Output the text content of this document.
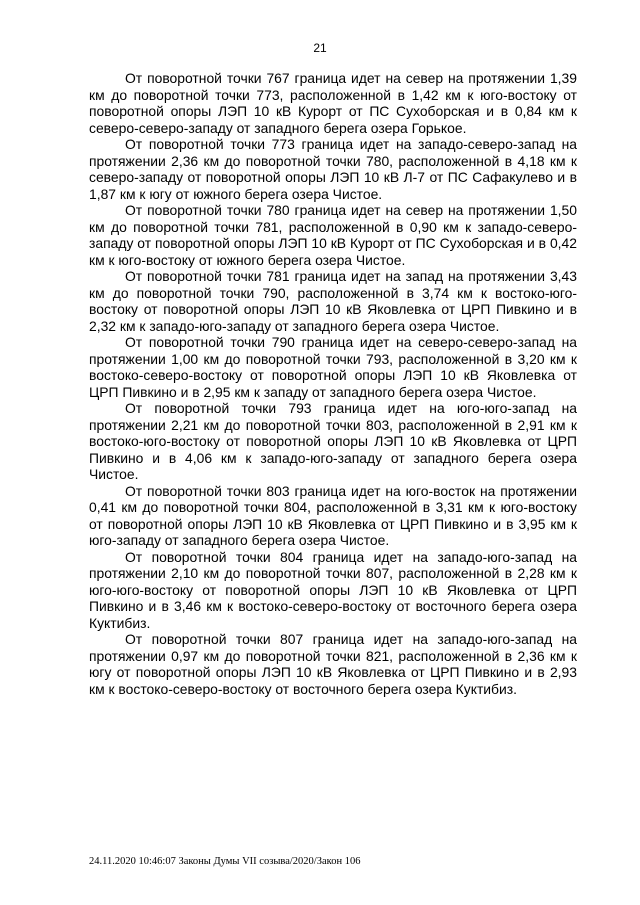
21

От поворотной точки 767 граница идет на север на протяжении 1,39 км до поворотной точки 773, расположенной в 1,42 км к юго-востоку от поворотной опоры ЛЭП 10 кВ Курорт от ПС Сухоборская и в 0,84 км к северо-северо-западу от западного берега озера Горькое.

От поворотной точки 773 граница идет на западо-северо-запад на протяжении 2,36 км до поворотной точки 780, расположенной в 4,18 км к северо-западу от поворотной опоры ЛЭП 10 кВ Л-7 от ПС Сафакулево и в 1,87 км к югу от южного берега озера Чистое.

От поворотной точки 780 граница идет на север на протяжении 1,50 км до поворотной точки 781, расположенной в 0,90 км к западо-северо-западу от поворотной опоры ЛЭП 10 кВ Курорт от ПС Сухоборская и в 0,42 км к юго-востоку от южного берега озера Чистое.

От поворотной точки 781 граница идет на запад на протяжении 3,43 км до поворотной точки 790, расположенной в 3,74 км к востоко-юго-востоку от поворотной опоры ЛЭП 10 кВ Яковлевка от ЦРП Пивкино и в 2,32 км к западо-юго-западу от западного берега озера Чистое.

От поворотной точки 790 граница идет на северо-северо-запад на протяжении 1,00 км до поворотной точки 793, расположенной в 3,20 км к востоко-северо-востоку от поворотной опоры ЛЭП 10 кВ Яковлевка от ЦРП Пивкино и в 2,95 км к западу от западного берега озера Чистое.

От поворотной точки 793 граница идет на юго-юго-запад на протяжении 2,21 км до поворотной точки 803, расположенной в 2,91 км к востоко-юго-востоку от поворотной опоры ЛЭП 10 кВ Яковлевка от ЦРП Пивкино и в 4,06 км к западо-юго-западу от западного берега озера Чистое.

От поворотной точки 803 граница идет на юго-восток на протяжении 0,41 км до поворотной точки 804, расположенной в 3,31 км к юго-востоку от поворотной опоры ЛЭП 10 кВ Яковлевка от ЦРП Пивкино и в 3,95 км к юго-западу от западного берега озера Чистое.

От поворотной точки 804 граница идет на западо-юго-запад на протяжении 2,10 км до поворотной точки 807, расположенной в 2,28 км к юго-юго-востоку от поворотной опоры ЛЭП 10 кВ Яковлевка от ЦРП Пивкино и в 3,46 км к востоко-северо-востоку от восточного берега озера Куктибиз.

От поворотной точки 807 граница идет на западо-юго-запад на протяжении 0,97 км до поворотной точки 821, расположенной в 2,36 км к югу от поворотной опоры ЛЭП 10 кВ Яковлевка от ЦРП Пивкино и в 2,93 км к востоко-северо-востоку от восточного берега озера Куктибиз.

24.11.2020 10:46:07 Законы Думы VII созыва/2020/Закон 106
